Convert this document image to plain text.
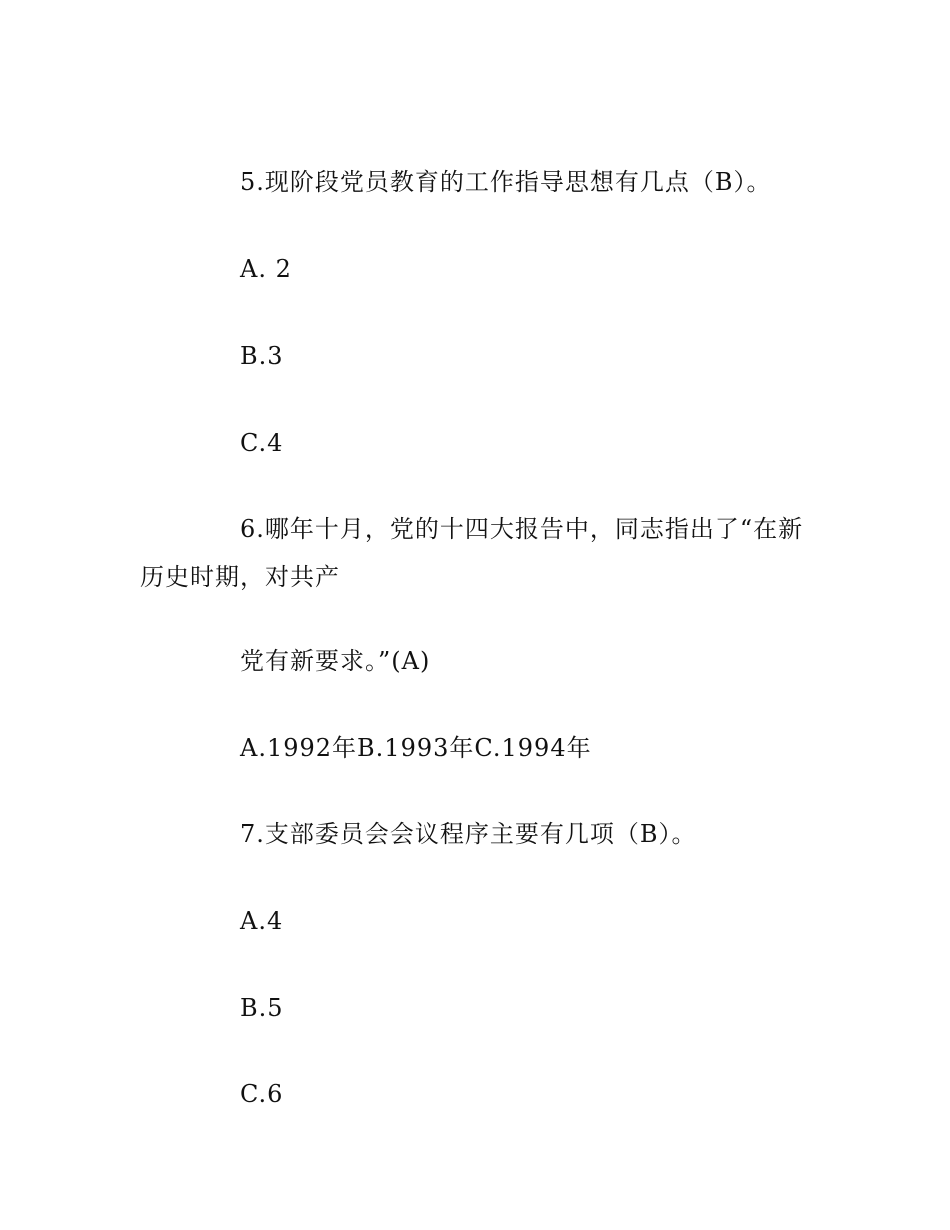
5.现阶段党员教育的工作指导思想有几点（B）。
A. 2
B.3
C.4
6.哪年十月，党的十四大报告中，同志指出了“在新
历史时期，对共产
党有新要求。”(A)
A.1992年B.1993年C.1994年
7.支部委员会会议程序主要有几项（B）。
A.4
B.5
C.6
